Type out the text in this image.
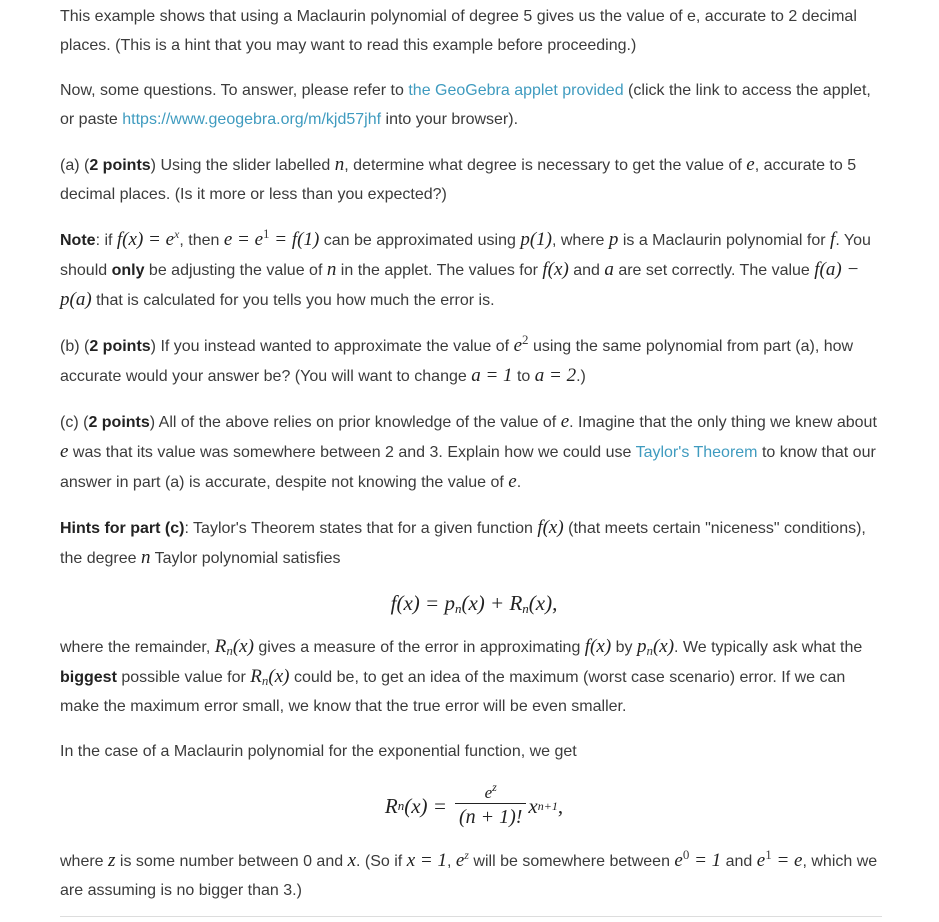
This example shows that using a Maclaurin polynomial of degree 5 gives us the value of e, accurate to 2 decimal places. (This is a hint that you may want to read this example before proceeding.)

Now, some questions. To answer, please refer to the GeoGebra applet provided (click the link to access the applet, or paste https://www.geogebra.org/m/kjd57jhf into your browser).

(a) (2 points) Using the slider labelled n, determine what degree is necessary to get the value of e, accurate to 5 decimal places. (Is it more or less than you expected?)

Note: if $f(x) = e^x$, then $e = e^1 = f(1)$ can be approximated using p(1), where p is a Maclaurin polynomial for f. You should only be adjusting the value of n in the applet. The values for f(x) and a are set correctly. The value f(a) − p(a) that is calculated for you tells you how much the error is.

(b) (2 points) If you instead wanted to approximate the value of $e^2$ using the same polynomial from part (a), how accurate would your answer be? (You will want to change a = 1 to a = 2.)

(c) (2 points) All of the above relies on prior knowledge of the value of e. Imagine that the only thing we knew about e was that its value was somewhere between 2 and 3. Explain how we could use Taylor's Theorem to know that our answer in part (a) is accurate, despite not knowing the value of e.

Hints for part (c): Taylor's Theorem states that for a given function f(x) (that meets certain "niceness" conditions), the degree n Taylor polynomial satisfies

$f(x) = p_n(x) + R_n(x)$,

where the remainder, $R_n(x)$ gives a measure of the error in approximating f(x) by $p_n(x)$. We typically ask what the biggest possible value for $R_n(x)$ could be, to get an idea of the maximum (worst case scenario) error. If we can make the maximum error small, we know that the true error will be even smaller.

In the case of a Maclaurin polynomial for the exponential function, we get

R n $(x) = \frac{e^z}{(n + 1)!}$ x n+1 ,

where z is some number between 0 and x. (So if x = 1, $e^z$ will be somewhere between $e^0 = 1$ and $e^1 = e$, which we are assuming is no bigger than 3.)
